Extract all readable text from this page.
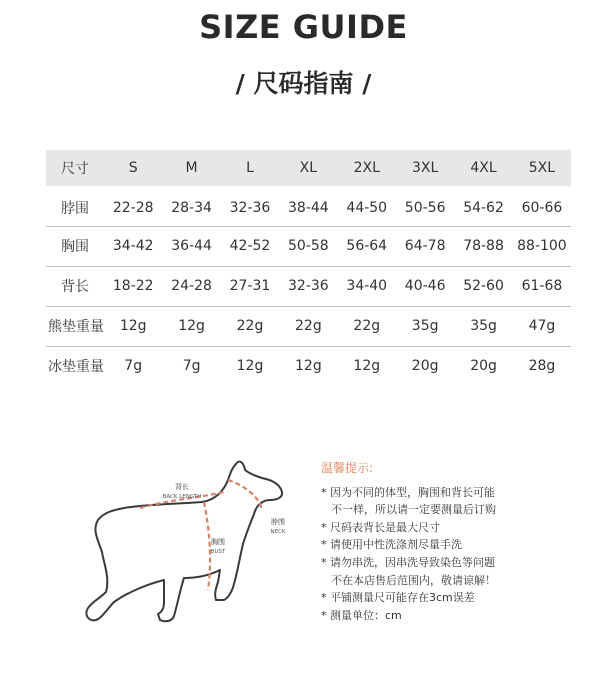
SIZE GUIDE
/ 尺码指南 /
尺寸	S	M	L	XL	2XL	3XL	4XL	5XL
脖围	22-28	28-34	32-36	38-44	44-50	50-56	54-62	60-66
胸围	34-42	36-44	42-52	50-58	56-64	64-78	78-88	88-100
背长	18-22	24-28	27-31	32-36	34-40	40-46	52-60	61-68
熊垫重量	12g	12g	22g	22g	22g	35g	35g	47g
冰垫重量	7g	7g	12g	12g	12g	20g	20g	28g
背长
BACK LENGTH
脖围
NECK
胸围
BUST
温馨提示:
* 因为不同的体型，胸围和背长可能
不一样，所以请一定要测量后订购
* 尺码表背长是最大尺寸
* 请使用中性洗涤剂尽量手洗
* 请勿串洗，因串洗导致染色等问题
不在本店售后范围内，敬请谅解！
* 平铺测量尺可能存在3cm误差
* 测量单位：cm
